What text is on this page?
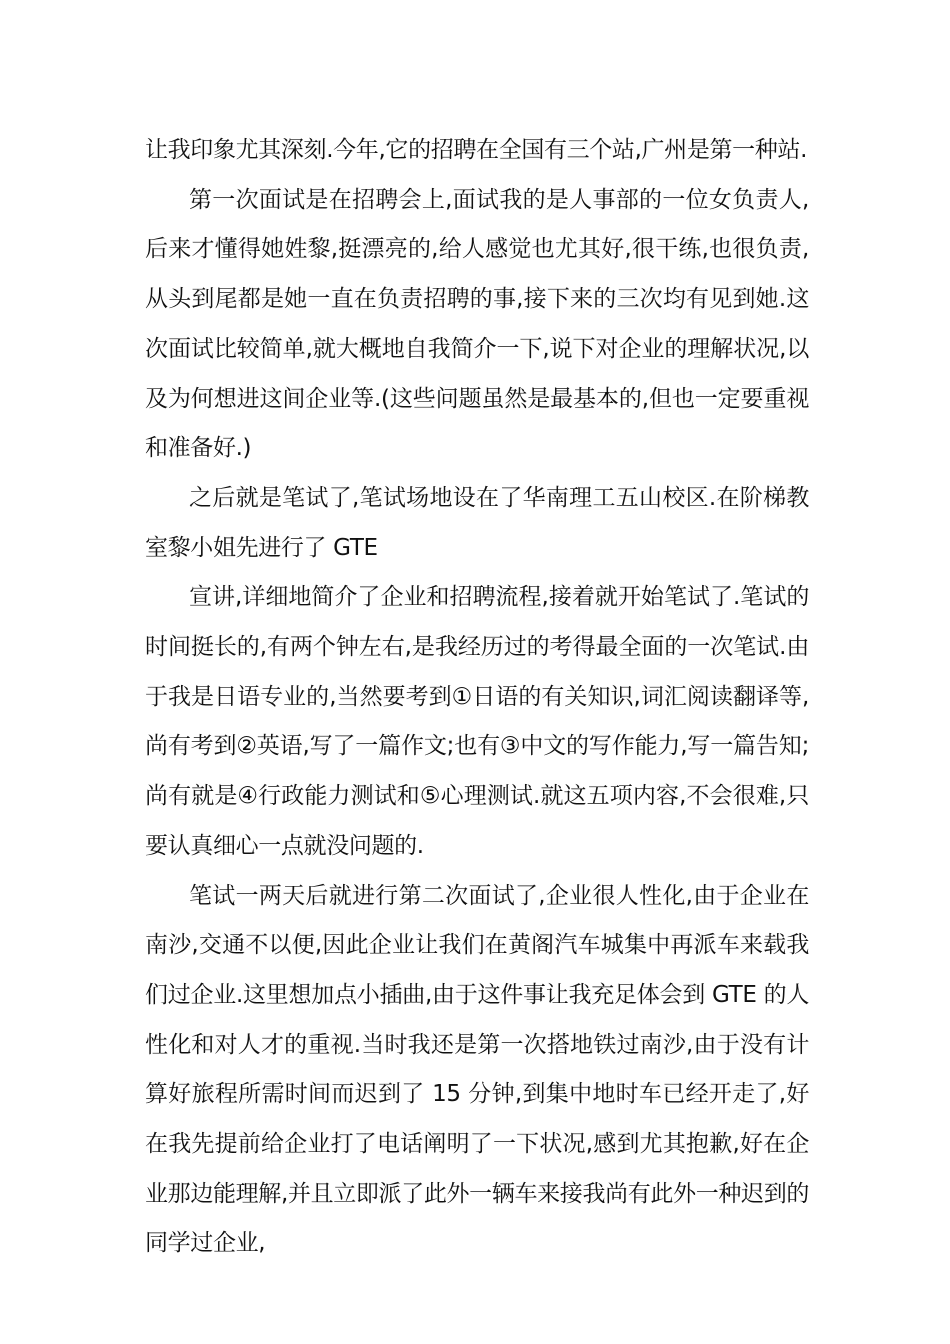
让我印象尤其深刻.今年,它的招聘在全国有三个站,广州是第一种站.

第一次面试是在招聘会上,面试我的是人事部的一位女负责人,后来才懂得她姓黎,挺漂亮的,给人感觉也尤其好,很干练,也很负责,从头到尾都是她一直在负责招聘的事,接下来的三次均有见到她.这次面试比较简单,就大概地自我简介一下,说下对企业的理解状况,以及为何想进这间企业等.(这些问题虽然是最基本的,但也一定要重视和准备好.)

之后就是笔试了,笔试场地设在了华南理工五山校区.在阶梯教室黎小姐先进行了 GTE

宣讲,详细地简介了企业和招聘流程,接着就开始笔试了.笔试的时间挺长的,有两个钟左右,是我经历过的考得最全面的一次笔试.由于我是日语专业的,当然要考到①日语的有关知识,词汇阅读翻译等,尚有考到②英语,写了一篇作文;也有③中文的写作能力,写一篇告知;尚有就是④行政能力测试和⑤心理测试.就这五项内容,不会很难,只要认真细心一点就没问题的.

笔试一两天后就进行第二次面试了,企业很人性化,由于企业在南沙,交通不以便,因此企业让我们在黄阁汽车城集中再派车来载我们过企业.这里想加点小插曲,由于这件事让我充足体会到 GTE 的人性化和对人才的重视.当时我还是第一次搭地铁过南沙,由于没有计算好旅程所需时间而迟到了 15 分钟,到集中地时车已经开走了,好在我先提前给企业打了电话阐明了一下状况,感到尤其抱歉,好在企业那边能理解,并且立即派了此外一辆车来接我尚有此外一种迟到的同学过企业,
